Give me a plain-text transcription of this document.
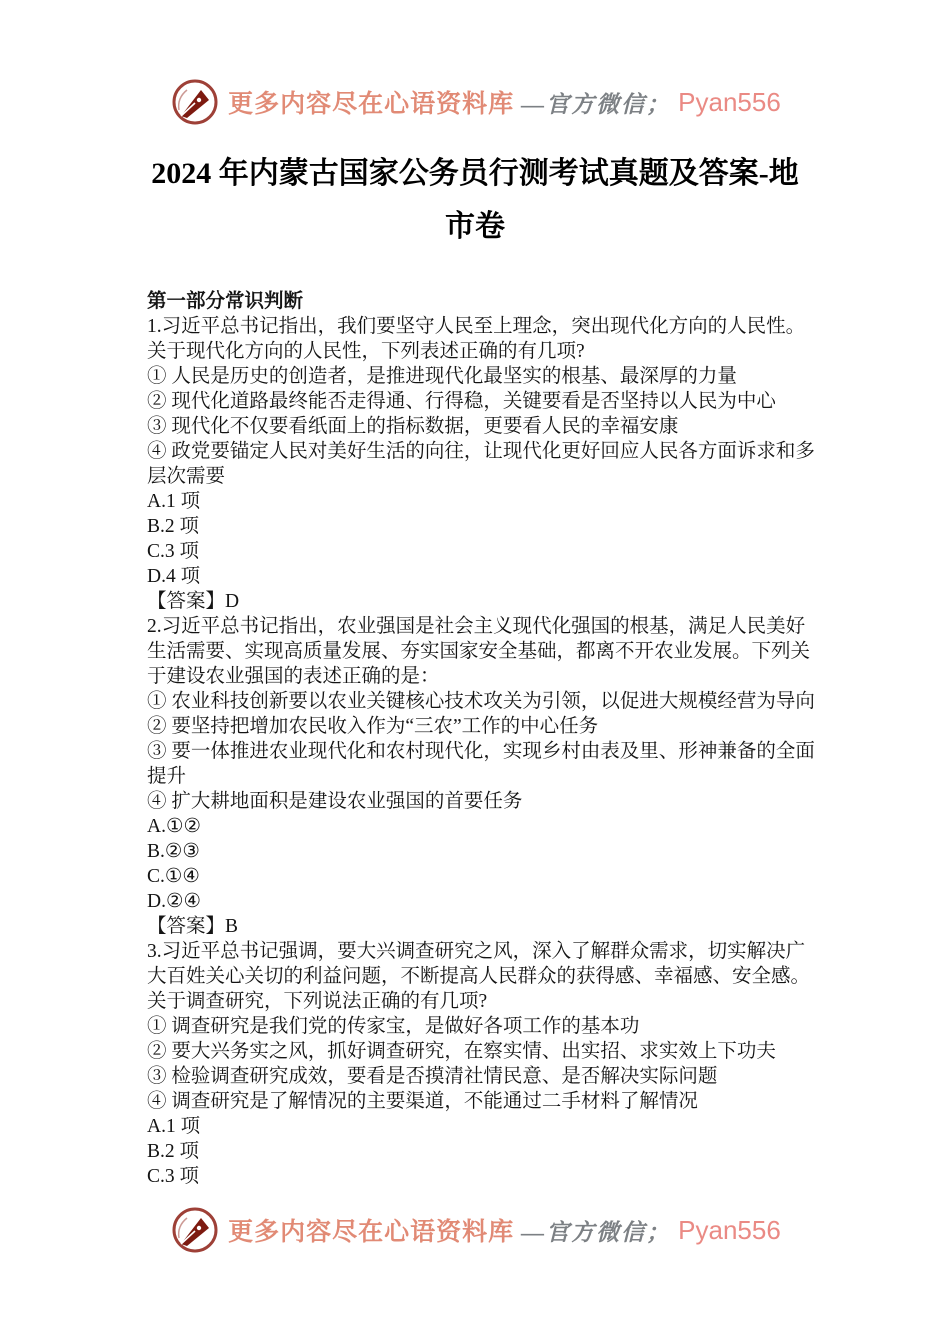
更多内容尽在心语资料库 —官方微信； Pyan556
2024 年内蒙古国家公务员行测考试真题及答案-地
市卷
第一部分常识判断
1.习近平总书记指出，我们要坚守人民至上理念，突出现代化方向的人民性。
关于现代化方向的人民性，下列表述正确的有几项?
① 人民是历史的创造者，是推进现代化最坚实的根基、最深厚的力量
② 现代化道路最终能否走得通、行得稳，关键要看是否坚持以人民为中心
③ 现代化不仅要看纸面上的指标数据，更要看人民的幸福安康
④ 政党要锚定人民对美好生活的向往，让现代化更好回应人民各方面诉求和多
层次需要
A.1 项
B.2 项
C.3 项
D.4 项
【答案】D
2.习近平总书记指出，农业强国是社会主义现代化强国的根基，满足人民美好
生活需要、实现高质量发展、夯实国家安全基础，都离不开农业发展。下列关
于建设农业强国的表述正确的是：
① 农业科技创新要以农业关键核心技术攻关为引领，以促进大规模经营为导向
② 要坚持把增加农民收入作为“三农”工作的中心任务
③ 要一体推进农业现代化和农村现代化，实现乡村由表及里、形神兼备的全面
提升
④ 扩大耕地面积是建设农业强国的首要任务
A.①②
B.②③
C.①④
D.②④
【答案】B
3.习近平总书记强调，要大兴调查研究之风，深入了解群众需求，切实解决广
大百姓关心关切的利益问题，不断提高人民群众的获得感、幸福感、安全感。
关于调查研究，下列说法正确的有几项?
① 调查研究是我们党的传家宝，是做好各项工作的基本功
② 要大兴务实之风，抓好调查研究，在察实情、出实招、求实效上下功夫
③ 检验调查研究成效，要看是否摸清社情民意、是否解决实际问题
④ 调查研究是了解情况的主要渠道，不能通过二手材料了解情况
A.1 项
B.2 项
C.3 项
更多内容尽在心语资料库 —官方微信； Pyan556
